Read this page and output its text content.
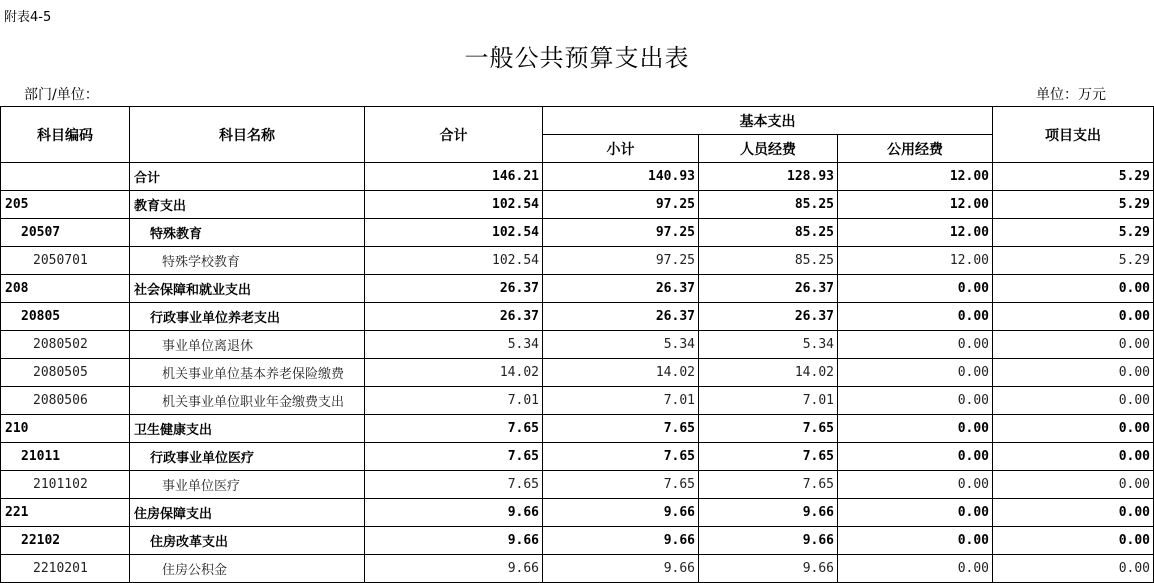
附表4-5
一般公共预算支出表
部门/单位：	单位：万元
科目编码	科目名称	合计	基本支出			项目支出
			小计	人员经费	公用经费	
	合计	146.21	140.93	128.93	12.00	5.29
205	教育支出	102.54	97.25	85.25	12.00	5.29
20507	特殊教育	102.54	97.25	85.25	12.00	5.29
2050701	特殊学校教育	102.54	97.25	85.25	12.00	5.29
208	社会保障和就业支出	26.37	26.37	26.37	0.00	0.00
20805	行政事业单位养老支出	26.37	26.37	26.37	0.00	0.00
2080502	事业单位离退休	5.34	5.34	5.34	0.00	0.00
2080505	机关事业单位基本养老保险缴费	14.02	14.02	14.02	0.00	0.00
2080506	机关事业单位职业年金缴费支出	7.01	7.01	7.01	0.00	0.00
210	卫生健康支出	7.65	7.65	7.65	0.00	0.00
21011	行政事业单位医疗	7.65	7.65	7.65	0.00	0.00
2101102	事业单位医疗	7.65	7.65	7.65	0.00	0.00
221	住房保障支出	9.66	9.66	9.66	0.00	0.00
22102	住房改革支出	9.66	9.66	9.66	0.00	0.00
2210201	住房公积金	9.66	9.66	9.66	0.00	0.00
